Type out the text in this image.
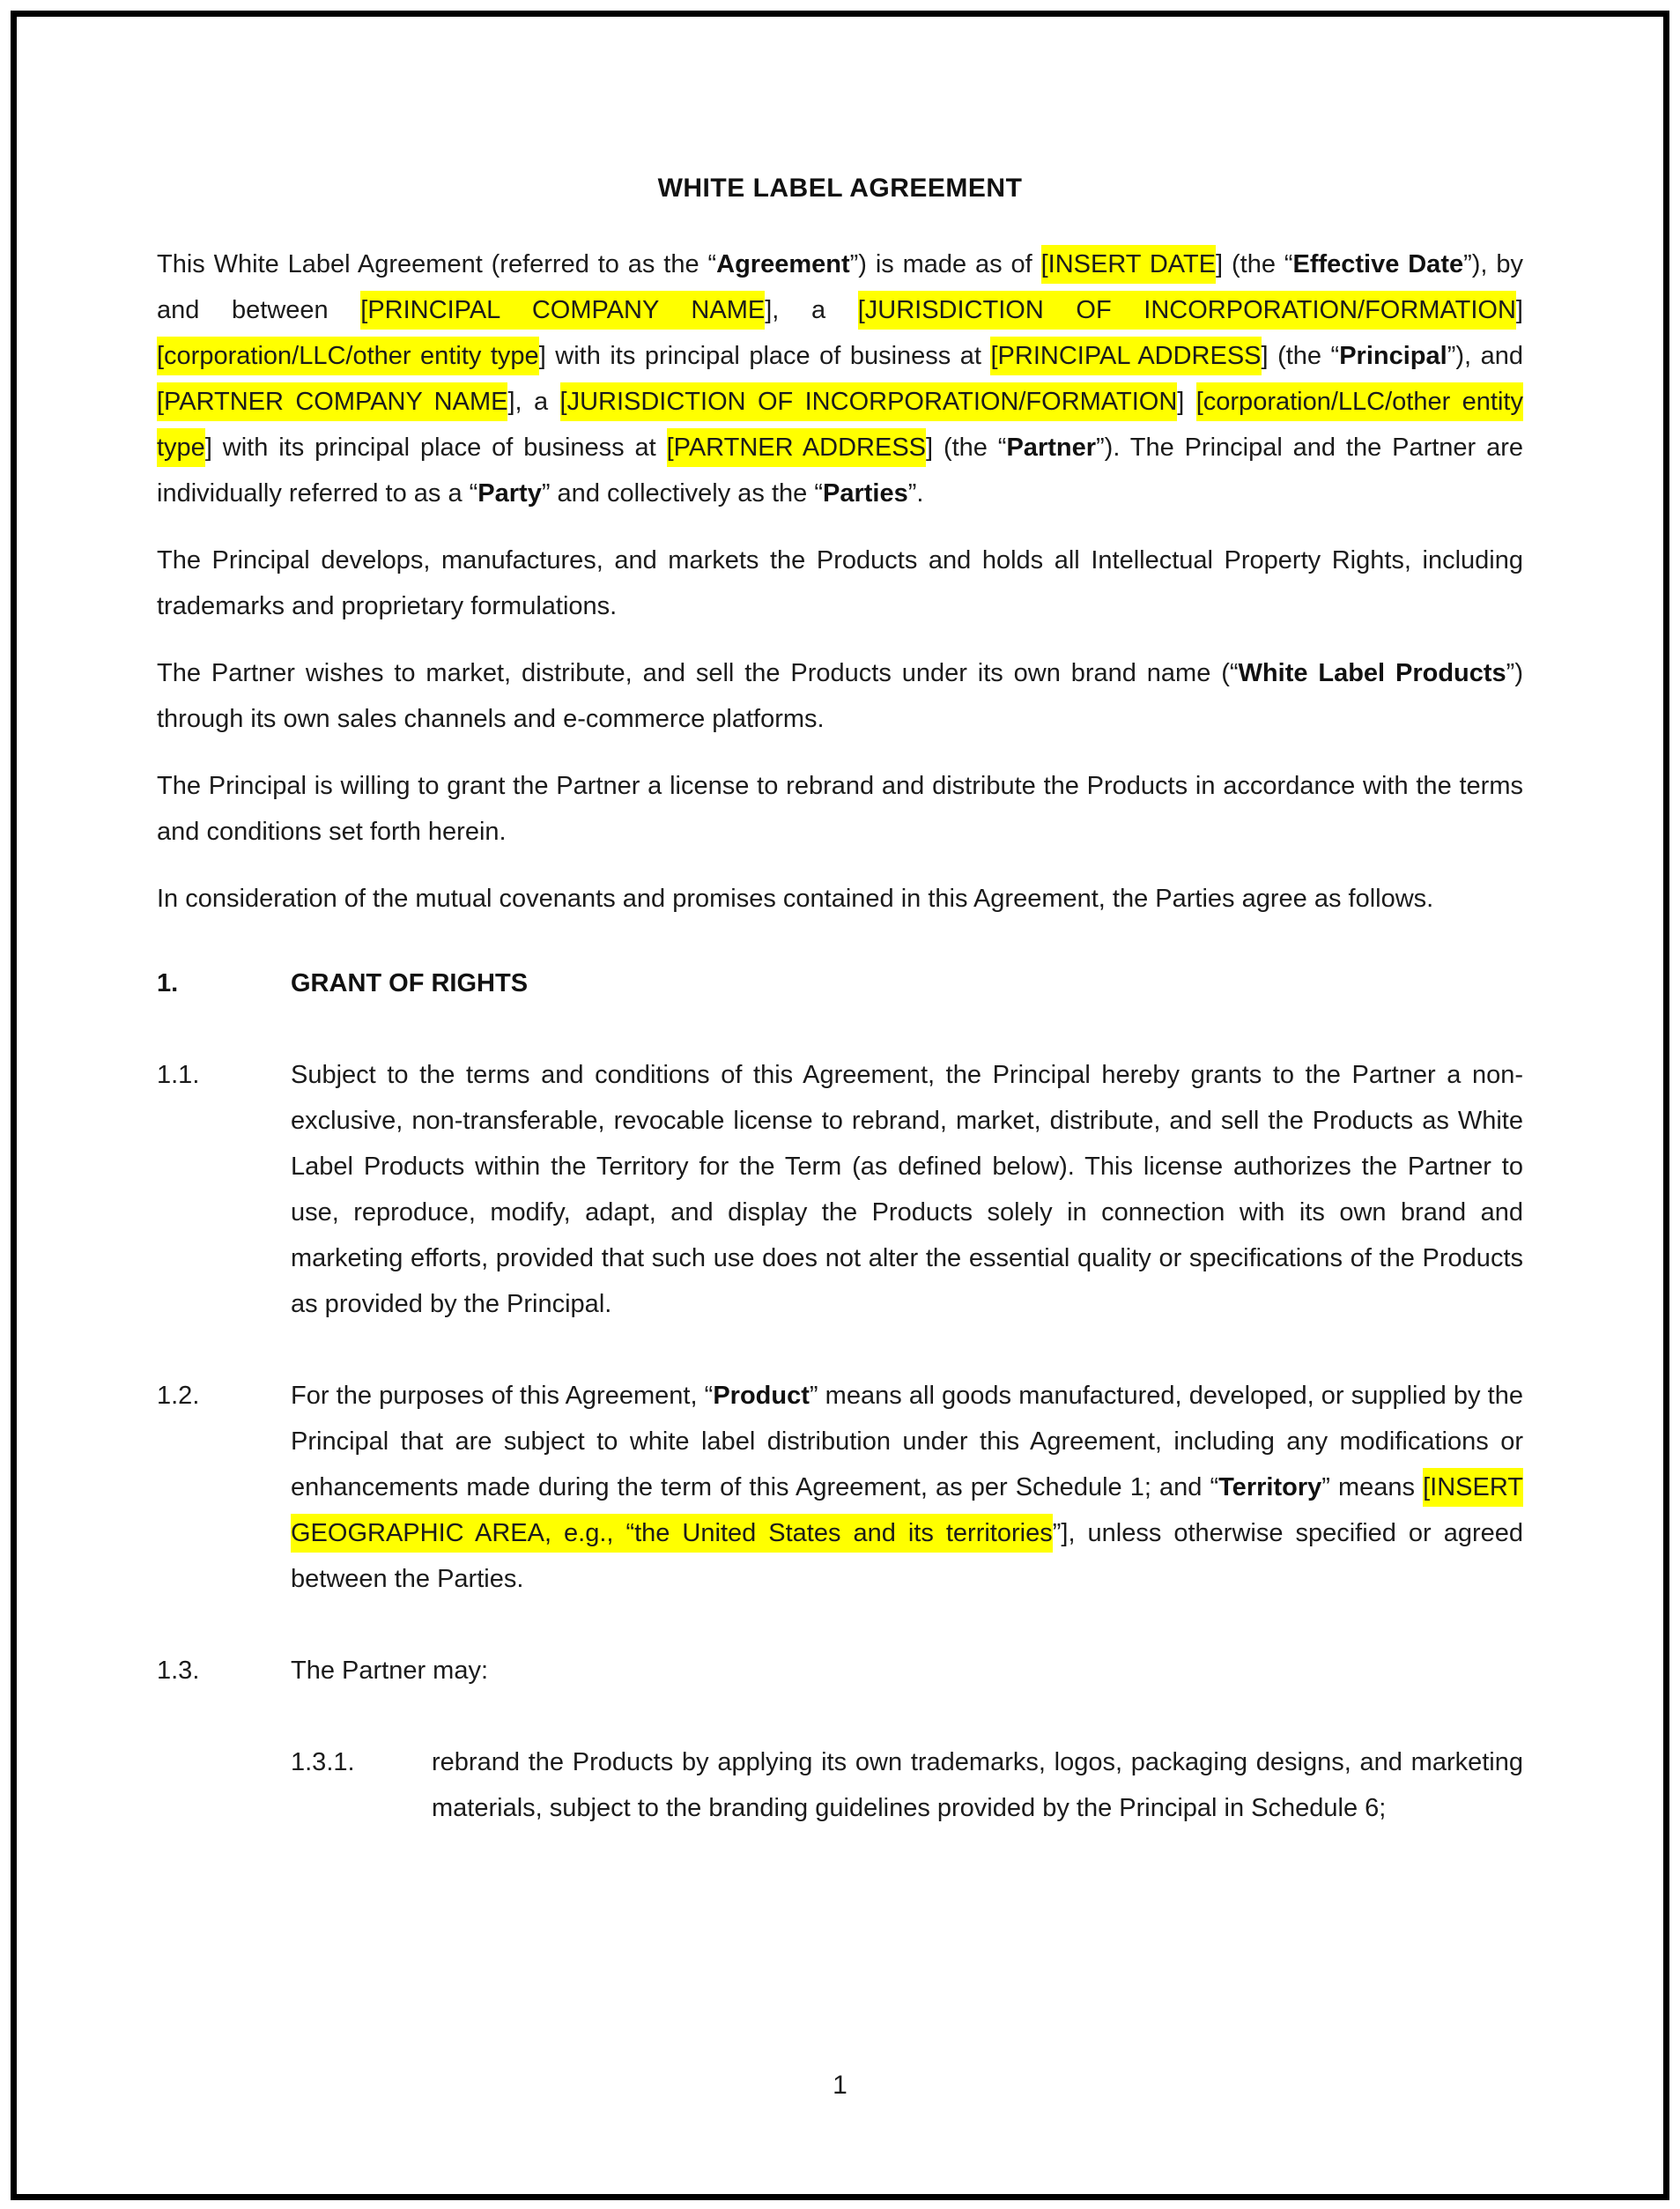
WHITE LABEL AGREEMENT

This White Label Agreement (referred to as the “Agreement”) is made as of [INSERT DATE] (the “Effective Date”), by and between [PRINCIPAL COMPANY NAME], a [JURISDICTION OF INCORPORATION/FORMATION] [corporation/LLC/other entity type] with its principal place of business at [PRINCIPAL ADDRESS] (the “Principal”), and [PARTNER COMPANY NAME], a [JURISDICTION OF INCORPORATION/FORMATION] [corporation/LLC/other entity type] with its principal place of business at [PARTNER ADDRESS] (the “Partner”). The Principal and the Partner are individually referred to as a “Party” and collectively as the “Parties”.

The Principal develops, manufactures, and markets the Products and holds all Intellectual Property Rights, including trademarks and proprietary formulations.

The Partner wishes to market, distribute, and sell the Products under its own brand name (“White Label Products”) through its own sales channels and e-commerce platforms.

The Principal is willing to grant the Partner a license to rebrand and distribute the Products in accordance with the terms and conditions set forth herein.

In consideration of the mutual covenants and promises contained in this Agreement, the Parties agree as follows.

1.	GRANT OF RIGHTS
1.1.	Subject to the terms and conditions of this Agreement, the Principal hereby grants to the Partner a non-exclusive, non-transferable, revocable license to rebrand, market, distribute, and sell the Products as White Label Products within the Territory for the Term (as defined below). This license authorizes the Partner to use, reproduce, modify, adapt, and display the Products solely in connection with its own brand and marketing efforts, provided that such use does not alter the essential quality or specifications of the Products as provided by the Principal.
1.2.	For the purposes of this Agreement, “Product” means all goods manufactured, developed, or supplied by the Principal that are subject to white label distribution under this Agreement, including any modifications or enhancements made during the term of this Agreement, as per Schedule 1; and “Territory” means [INSERT GEOGRAPHIC AREA, e.g., “the United States and its territories”], unless otherwise specified or agreed between the Parties.
1.3.	The Partner may:
1.3.1.	rebrand the Products by applying its own trademarks, logos, packaging designs, and marketing materials, subject to the branding guidelines provided by the Principal in Schedule 6;
1
